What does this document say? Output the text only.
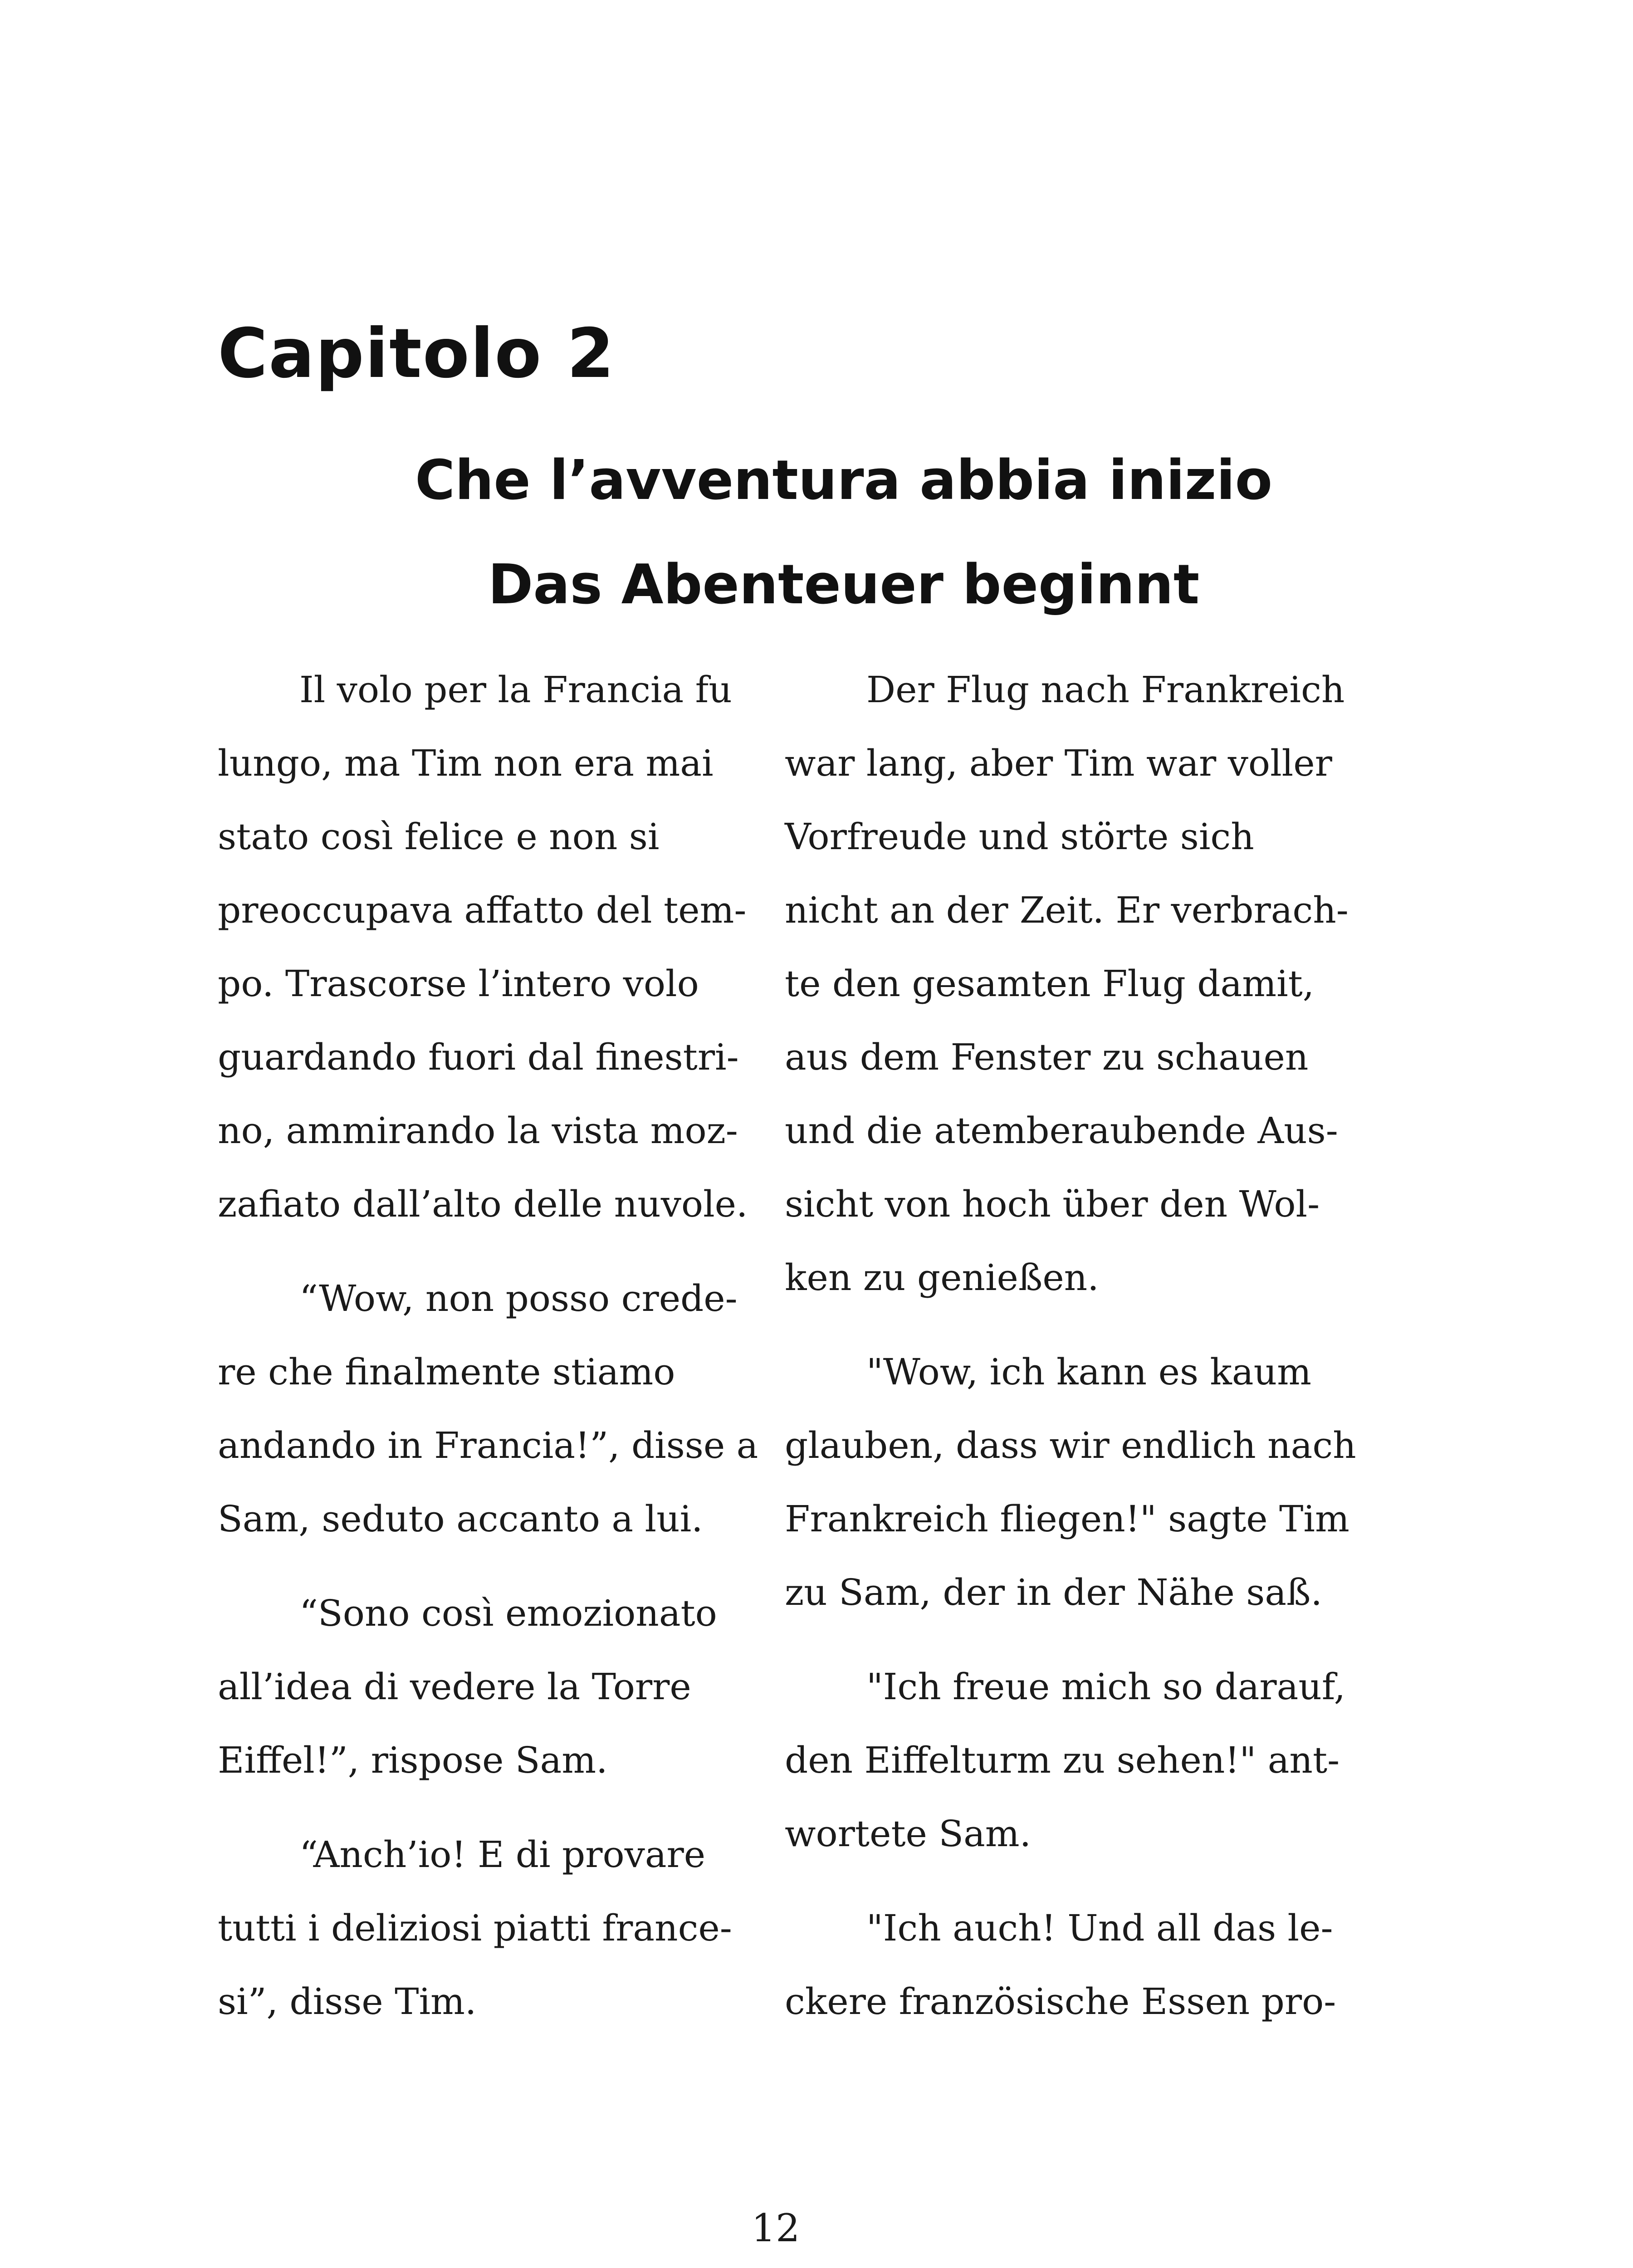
Capitolo 2
Che l’avventura abbia inizio
Das Abenteuer beginnt
Il volo per la Francia fu
lungo, ma Tim non era mai
stato così felice e non si
preoccupava affatto del tem-
po. Trascorse l’intero volo
guardando fuori dal finestri-
no, ammirando la vista moz-
zafiato dall’alto delle nuvole.
“Wow, non posso crede-
re che finalmente stiamo
andando in Francia!”, disse a
Sam, seduto accanto a lui.
“Sono così emozionato
all’idea di vedere la Torre
Eiffel!”, rispose Sam.
“Anch’io! E di provare
tutti i deliziosi piatti france-
si”, disse Tim.
Der Flug nach Frankreich
war lang, aber Tim war voller
Vorfreude und störte sich
nicht an der Zeit. Er verbrach-
te den gesamten Flug damit,
aus dem Fenster zu schauen
und die atemberaubende Aus-
sicht von hoch über den Wol-
ken zu genießen.
"Wow, ich kann es kaum
glauben, dass wir endlich nach
Frankreich fliegen!" sagte Tim
zu Sam, der in der Nähe saß.
"Ich freue mich so darauf,
den Eiffelturm zu sehen!" ant-
wortete Sam.
"Ich auch! Und all das le-
ckere französische Essen pro-
12
